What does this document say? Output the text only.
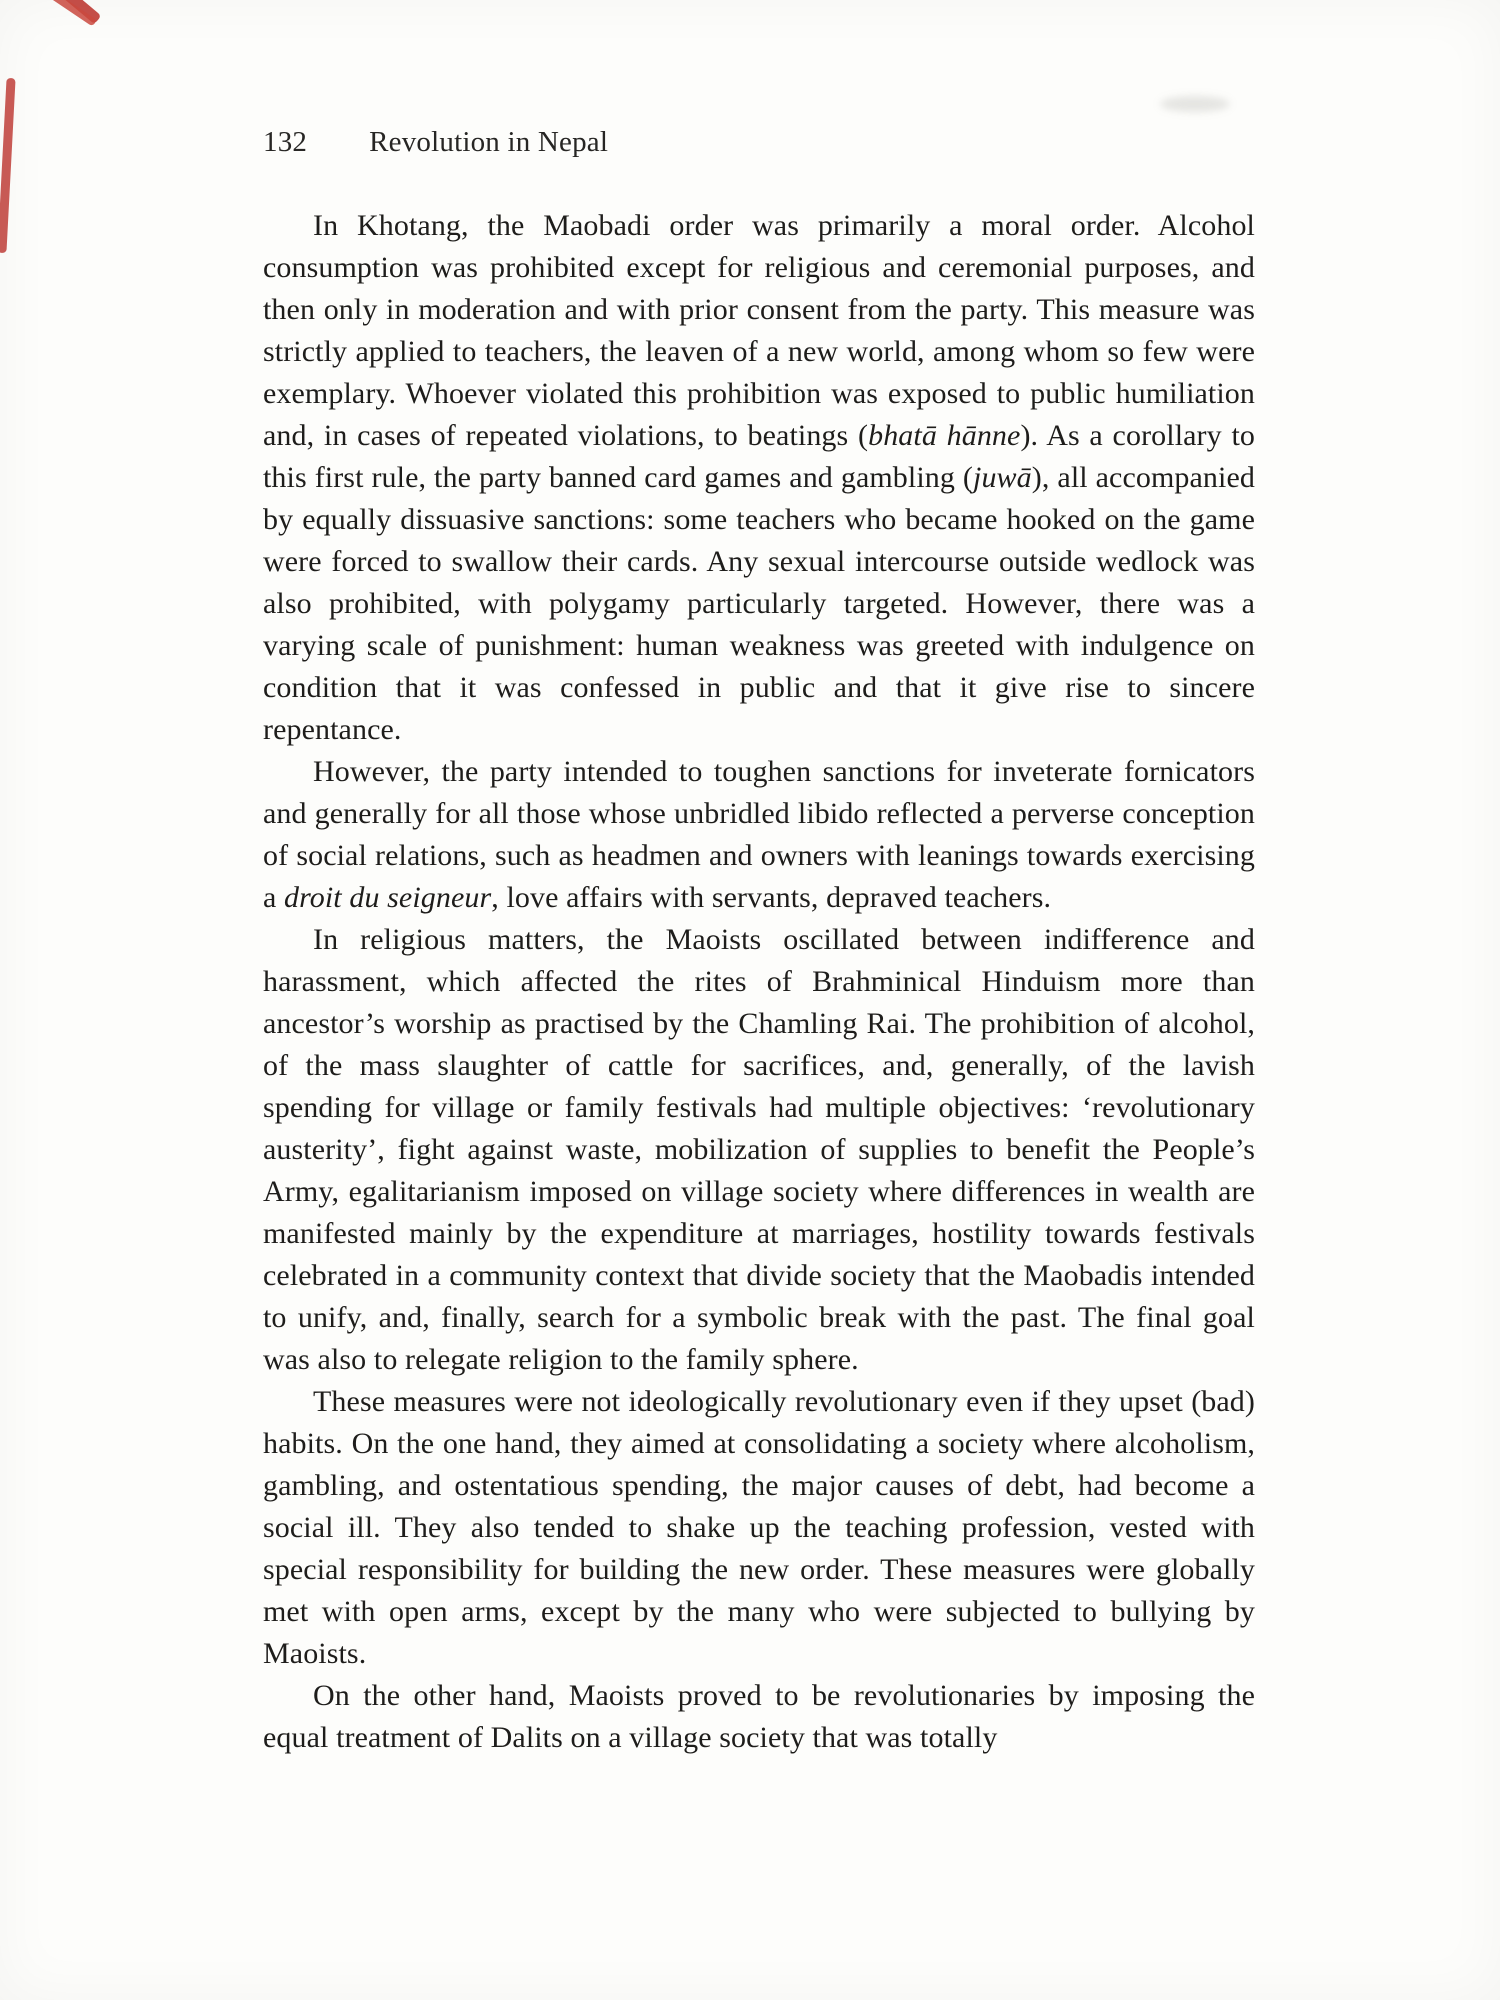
132 Revolution in Nepal

In Khotang, the Maobadi order was primarily a moral order. Alcohol consumption was prohibited except for religious and ceremonial purposes, and then only in moderation and with prior consent from the party. This measure was strictly applied to teachers, the leaven of a new world, among whom so few were exemplary. Whoever violated this prohibition was exposed to public humiliation and, in cases of repeated violations, to beatings (bhatā hānne). As a corollary to this first rule, the party banned card games and gambling (juwā), all accompanied by equally dissuasive sanctions: some teachers who became hooked on the game were forced to swallow their cards. Any sexual intercourse outside wedlock was also prohibited, with polygamy particularly targeted. However, there was a varying scale of punishment: human weakness was greeted with indulgence on condition that it was confessed in public and that it give rise to sincere repentance.

However, the party intended to toughen sanctions for inveterate fornicators and generally for all those whose unbridled libido reflected a perverse conception of social relations, such as headmen and owners with leanings towards exercising a droit du seigneur, love affairs with servants, depraved teachers.

In religious matters, the Maoists oscillated between indifference and harassment, which affected the rites of Brahminical Hinduism more than ancestor’s worship as practised by the Chamling Rai. The prohibition of alcohol, of the mass slaughter of cattle for sacrifices, and, generally, of the lavish spending for village or family festivals had multiple objectives: ‘revolutionary austerity’, fight against waste, mobilization of supplies to benefit the People’s Army, egalitarianism imposed on village society where differences in wealth are manifested mainly by the expenditure at marriages, hostility towards festivals celebrated in a community context that divide society that the Maobadis intended to unify, and, finally, search for a symbolic break with the past. The final goal was also to relegate religion to the family sphere.

These measures were not ideologically revolutionary even if they upset (bad) habits. On the one hand, they aimed at consolidating a society where alcoholism, gambling, and ostentatious spending, the major causes of debt, had become a social ill. They also tended to shake up the teaching profession, vested with special responsibility for building the new order. These measures were globally met with open arms, except by the many who were subjected to bullying by Maoists.

On the other hand, Maoists proved to be revolutionaries by imposing the equal treatment of Dalits on a village society that was totally
